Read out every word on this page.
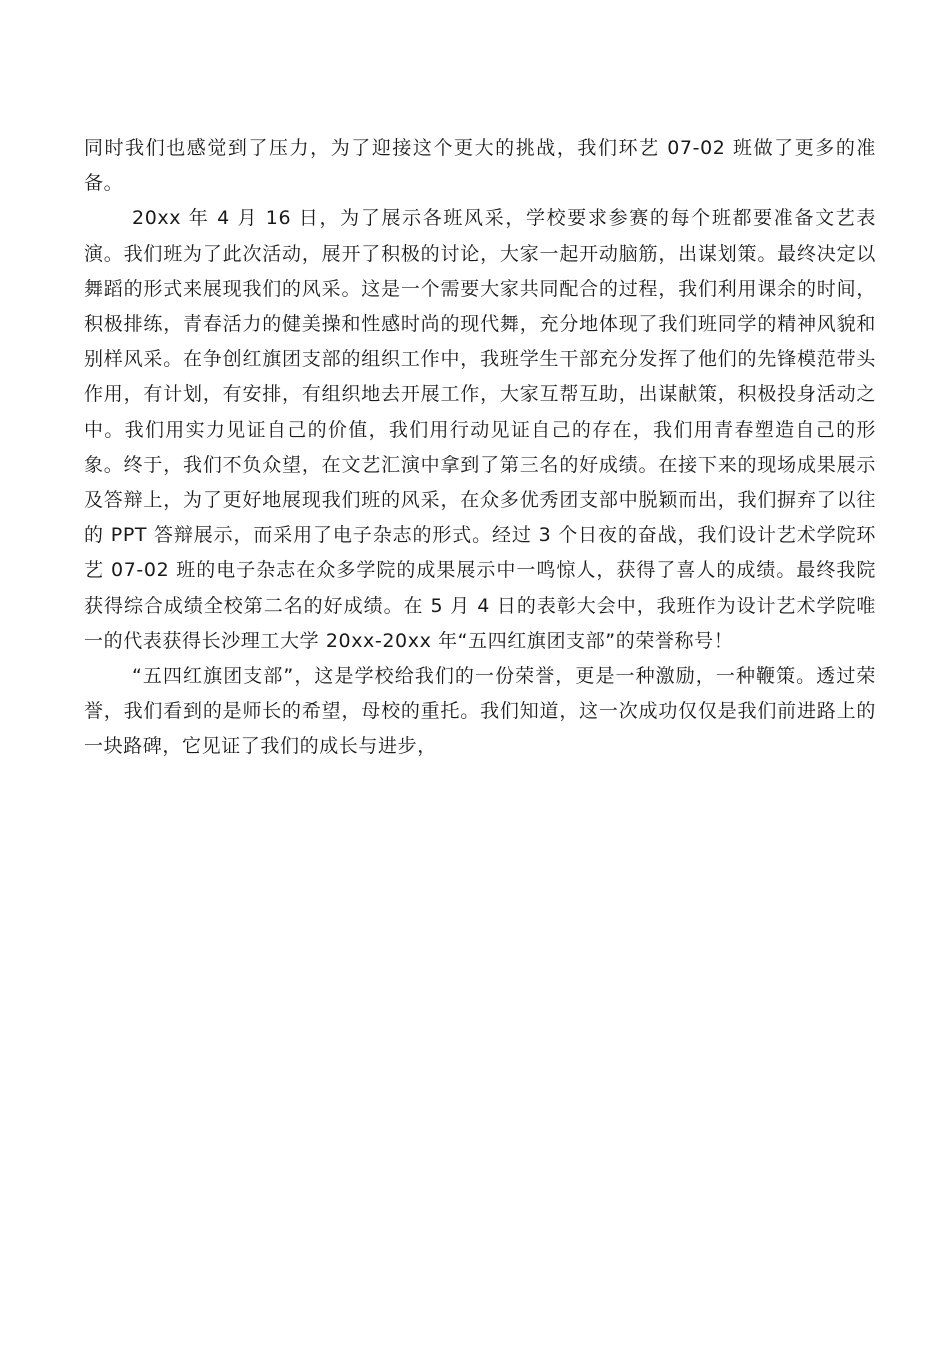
同时我们也感觉到了压力，为了迎接这个更大的挑战，我们环艺 07-02 班做了更多的准备。

20xx 年 4 月 16 日，为了展示各班风采，学校要求参赛的每个班都要准备文艺表演。我们班为了此次活动，展开了积极的讨论，大家一起开动脑筋，出谋划策。最终决定以舞蹈的形式来展现我们的风采。这是一个需要大家共同配合的过程，我们利用课余的时间，积极排练，青春活力的健美操和性感时尚的现代舞，充分地体现了我们班同学的精神风貌和别样风采。在争创红旗团支部的组织工作中，我班学生干部充分发挥了他们的先锋模范带头作用，有计划，有安排，有组织地去开展工作，大家互帮互助，出谋献策，积极投身活动之中。我们用实力见证自己的价值，我们用行动见证自己的存在，我们用青春塑造自己的形象。终于，我们不负众望，在文艺汇演中拿到了第三名的好成绩。在接下来的现场成果展示及答辩上，为了更好地展现我们班的风采，在众多优秀团支部中脱颖而出，我们摒弃了以往的 PPT 答辩展示，而采用了电子杂志的形式。经过 3 个日夜的奋战，我们设计艺术学院环艺 07-02 班的电子杂志在众多学院的成果展示中一鸣惊人，获得了喜人的成绩。最终我院获得综合成绩全校第二名的好成绩。在 5 月 4 日的表彰大会中，我班作为设计艺术学院唯一的代表获得长沙理工大学 20xx-20xx 年“五四红旗团支部”的荣誉称号！

“五四红旗团支部”，这是学校给我们的一份荣誉，更是一种激励，一种鞭策。透过荣誉，我们看到的是师长的希望，母校的重托。我们知道，这一次成功仅仅是我们前进路上的一块路碑，它见证了我们的成长与进步，
